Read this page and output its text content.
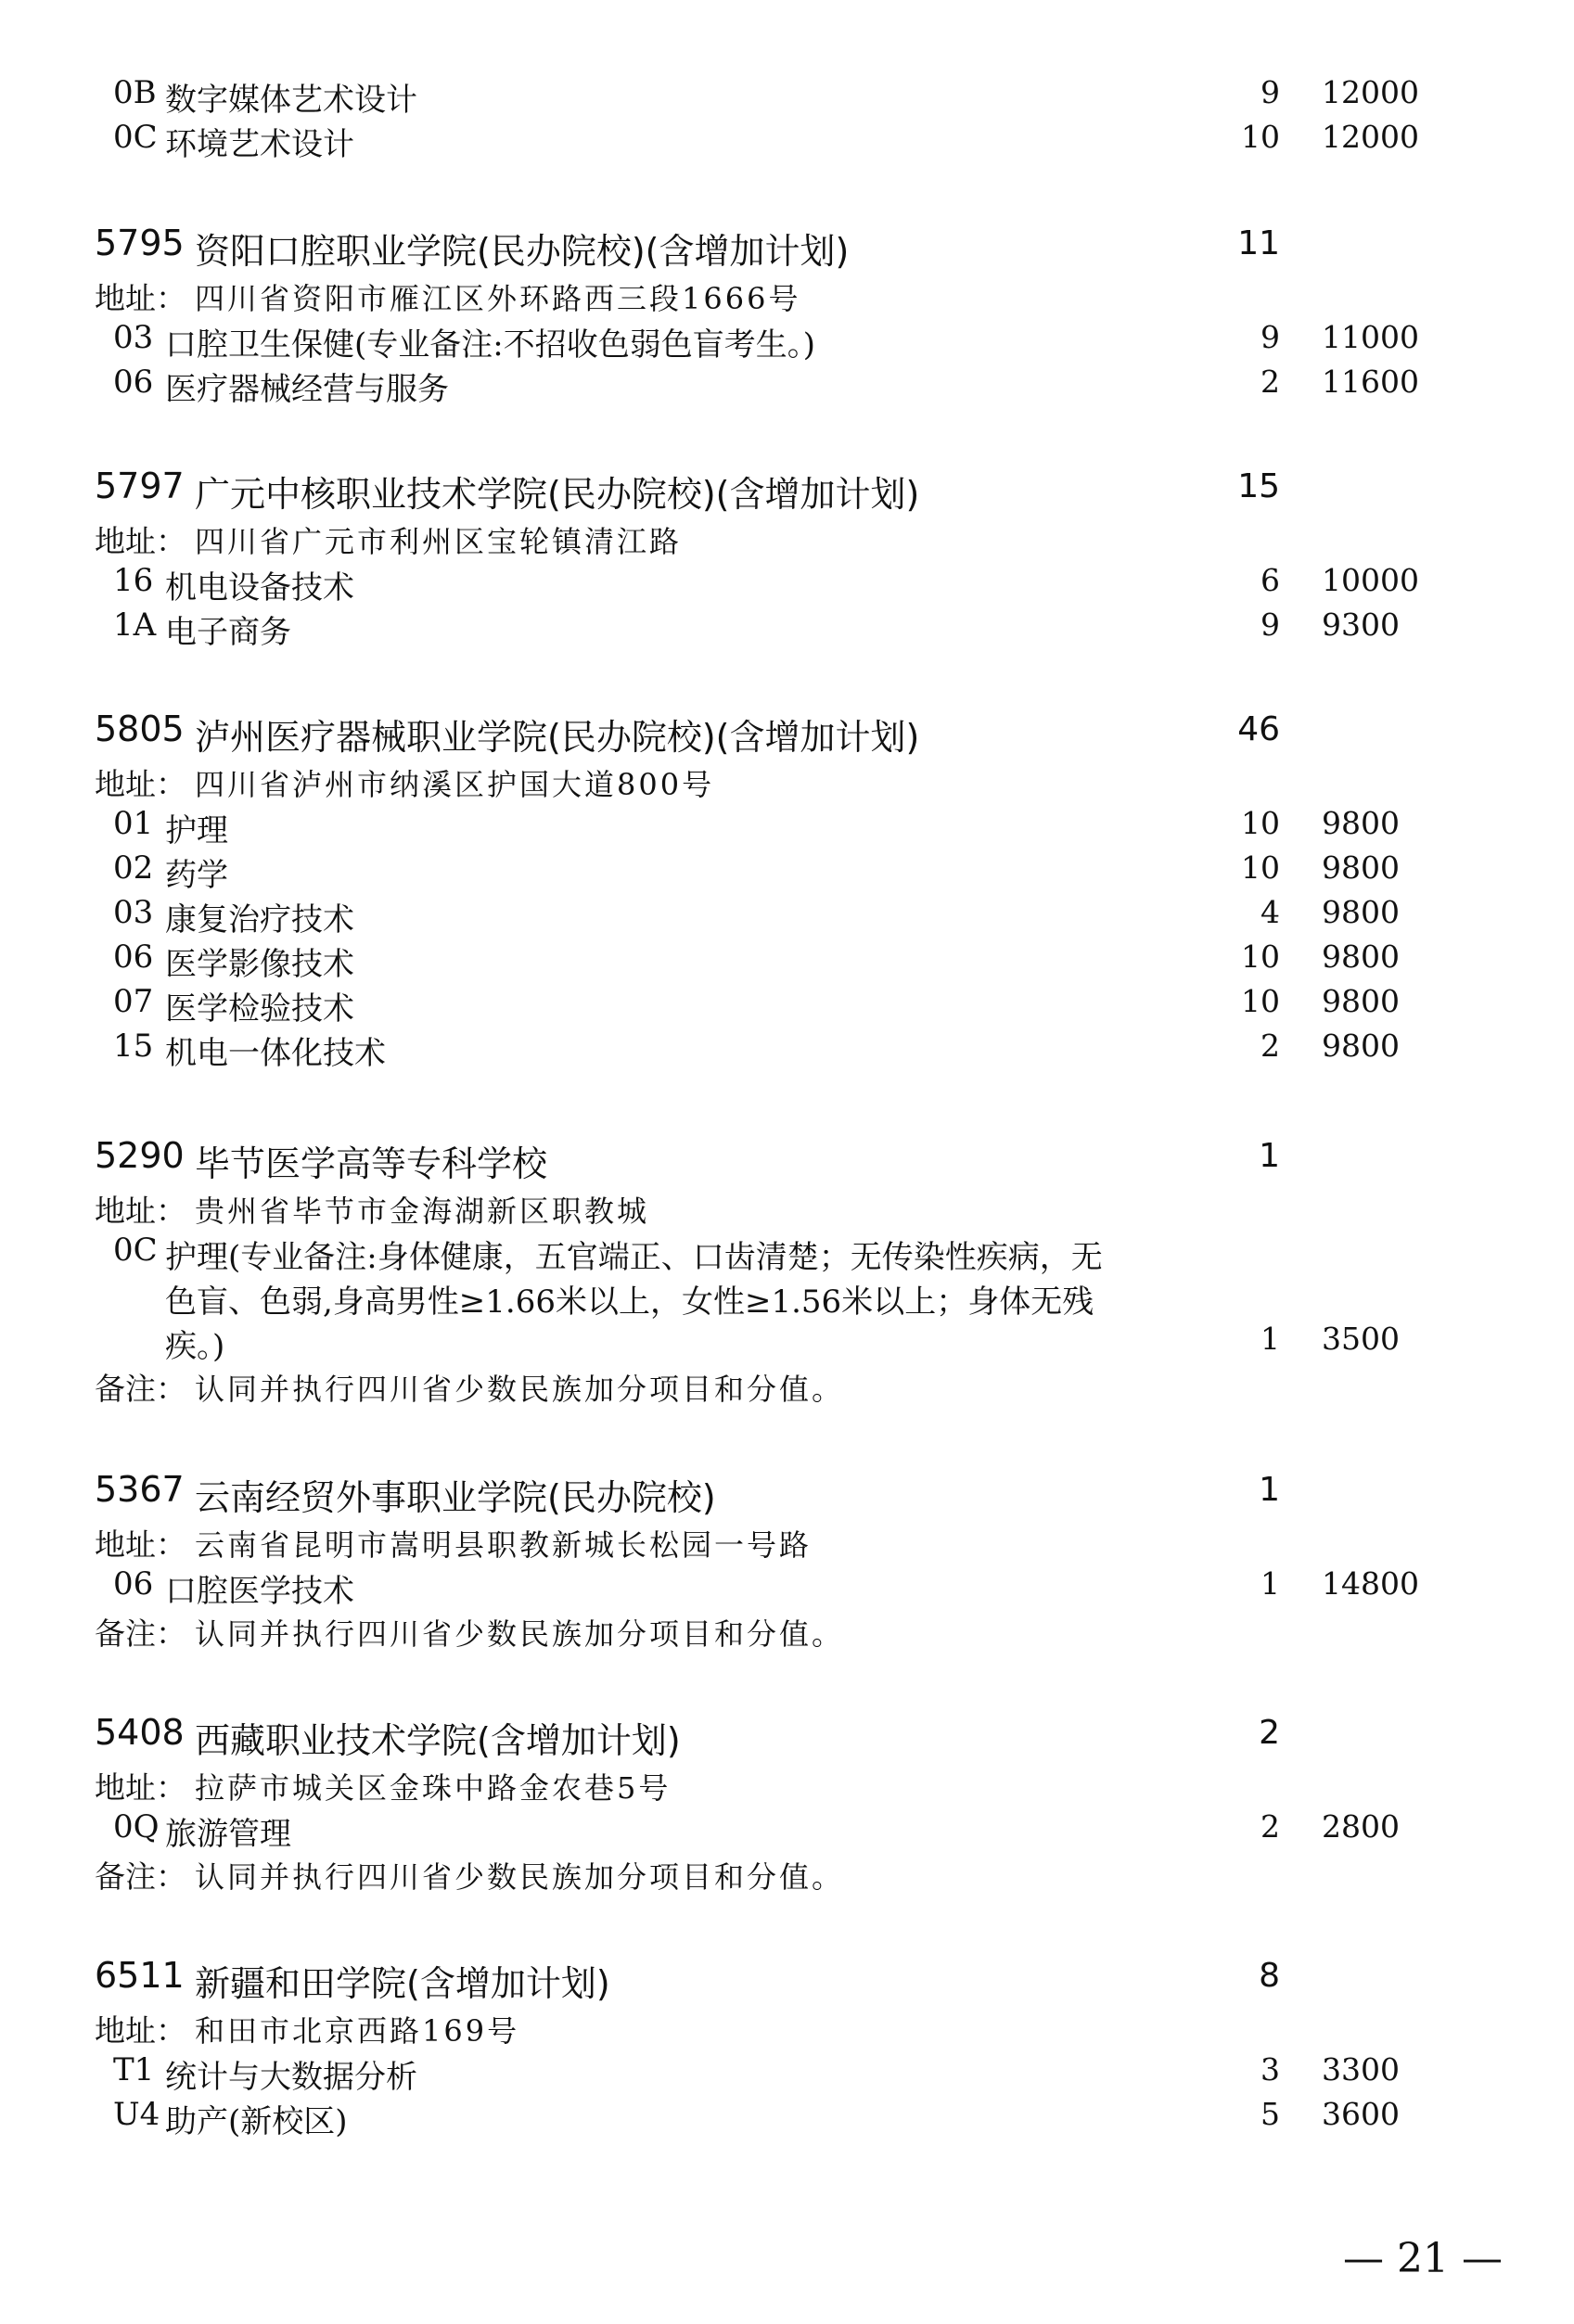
0B 数字媒体艺术设计	9 12000
0C 环境艺术设计	10 12000
5795 资阳口腔职业学院(民办院校)(含增加计划)	11
地址： 四川省资阳市雁江区外环路西三段1666号
03 口腔卫生保健(专业备注:不招收色弱色盲考生。)	9 11000
06 医疗器械经营与服务	2 11600
5797 广元中核职业技术学院(民办院校)(含增加计划)	15
地址： 四川省广元市利州区宝轮镇清江路
16 机电设备技术	6 10000
1A 电子商务	9 9300
5805 泸州医疗器械职业学院(民办院校)(含增加计划)	46
地址： 四川省泸州市纳溪区护国大道800号
01 护理	10 9800
02 药学	10 9800
03 康复治疗技术	4 9800
06 医学影像技术	10 9800
07 医学检验技术	10 9800
15 机电一体化技术	2 9800
5290 毕节医学高等专科学校	1
地址： 贵州省毕节市金海湖新区职教城
0C 护理(专业备注:身体健康，五官端正、口齿清楚；无传染性疾病，无
色盲、色弱,身高男性≥1.66米以上，女性≥1.56米以上；身体无残
疾。)	1 3500
备注： 认同并执行四川省少数民族加分项目和分值。
5367 云南经贸外事职业学院(民办院校)	1
地址： 云南省昆明市嵩明县职教新城长松园一号路
06 口腔医学技术	1 14800
备注： 认同并执行四川省少数民族加分项目和分值。
5408 西藏职业技术学院(含增加计划)	2
地址： 拉萨市城关区金珠中路金农巷5号
0Q 旅游管理	2 2800
备注： 认同并执行四川省少数民族加分项目和分值。
6511 新疆和田学院(含增加计划)	8
地址： 和田市北京西路169号
T1 统计与大数据分析	3 3300
U4 助产(新校区)	5 3600
— 21 —
